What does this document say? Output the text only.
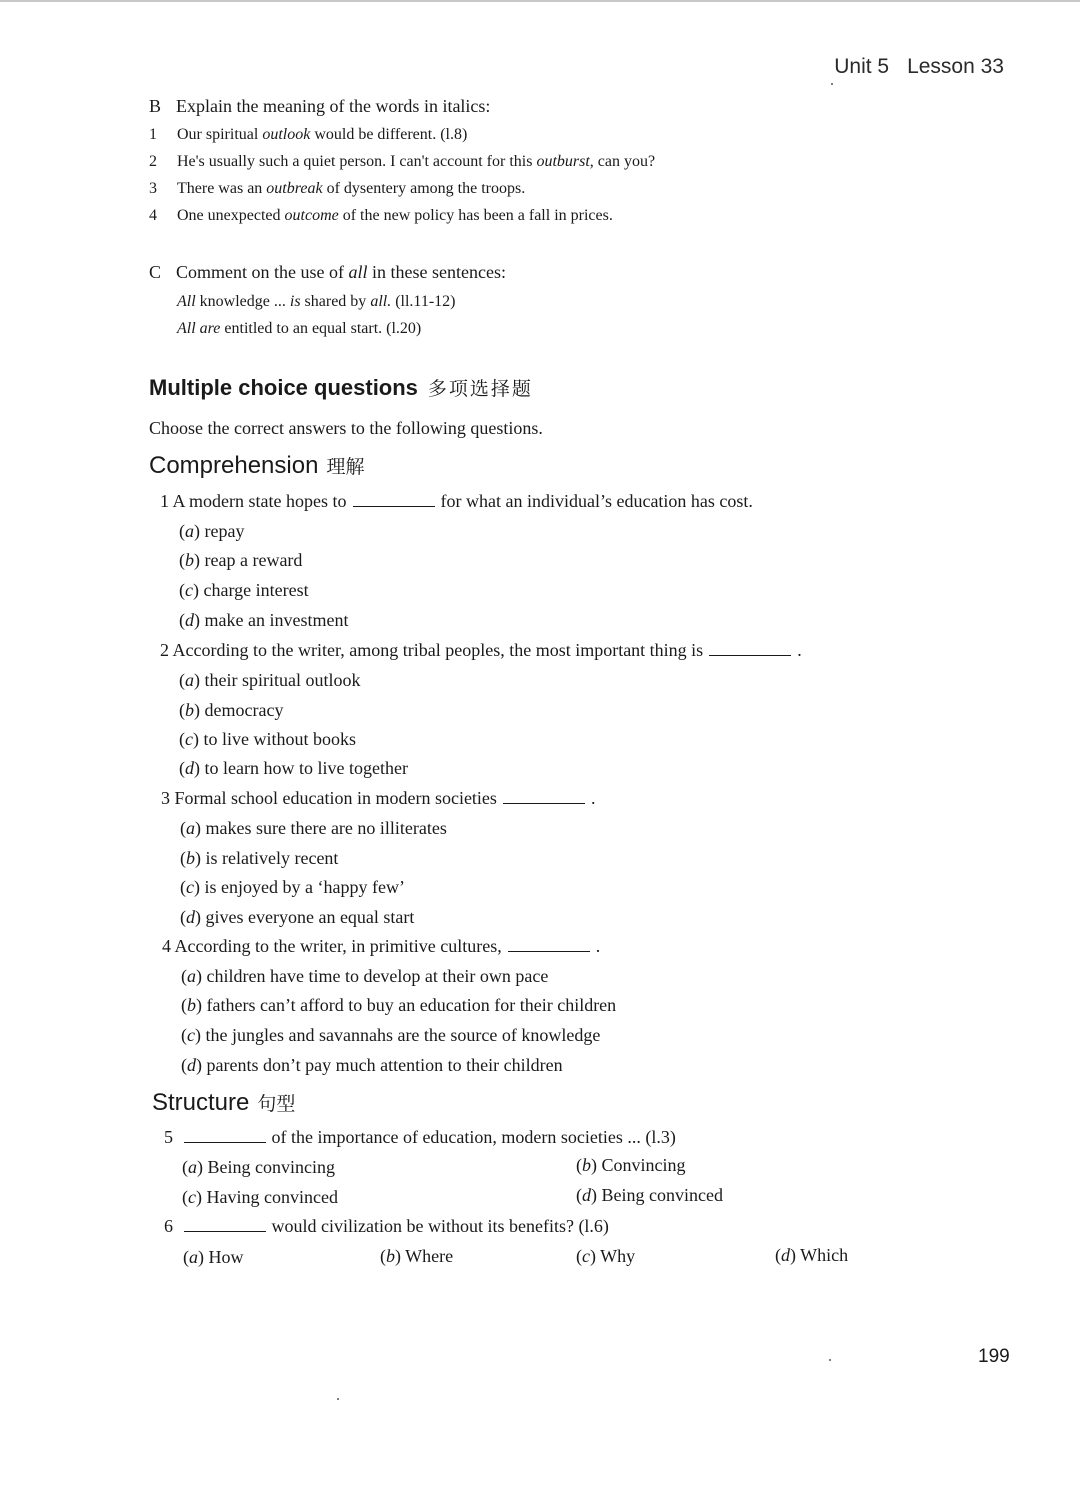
Unit 5 Lesson 33
B Explain the meaning of the words in italics:
1 Our spiritual outlook would be different. (l.8)
2 He's usually such a quiet person. I can't account for this outburst, can you?
3 There was an outbreak of dysentery among the troops.
4 One unexpected outcome of the new policy has been a fall in prices.
C Comment on the use of all in these sentences:
All knowledge ... is shared by all. (ll.11-12)
All are entitled to an equal start. (l.20)
Multiple choice questions 多项选择题
Choose the correct answers to the following questions.
Comprehension 理解
1 A modern state hopes to	for what an individual’s education has cost.
(a) repay
(b) reap a reward
(c) charge interest
(d) make an investment
2 According to the writer, among tribal peoples, the most important thing is	.
(a) their spiritual outlook
(b) democracy
(c) to live without books
(d) to learn how to live together
3 Formal school education in modern societies	.
(a) makes sure there are no illiterates
(b) is relatively recent
(c) is enjoyed by a ‘happy few’
(d) gives everyone an equal start
4 According to the writer, in primitive cultures,	.
(a) children have time to develop at their own pace
(b) fathers can’t afford to buy an education for their children
(c) the jungles and savannahs are the source of knowledge
(d) parents don’t pay much attention to their children
Structure 句型
5	of the importance of education, modern societies ... (l.3)
(a) Being convincing	(b) Convincing
(c) Having convinced	(d) Being convinced
6	would civilization be without its benefits? (l.6)
(a) How	(b) Where	(c) Why	(d) Which
199
